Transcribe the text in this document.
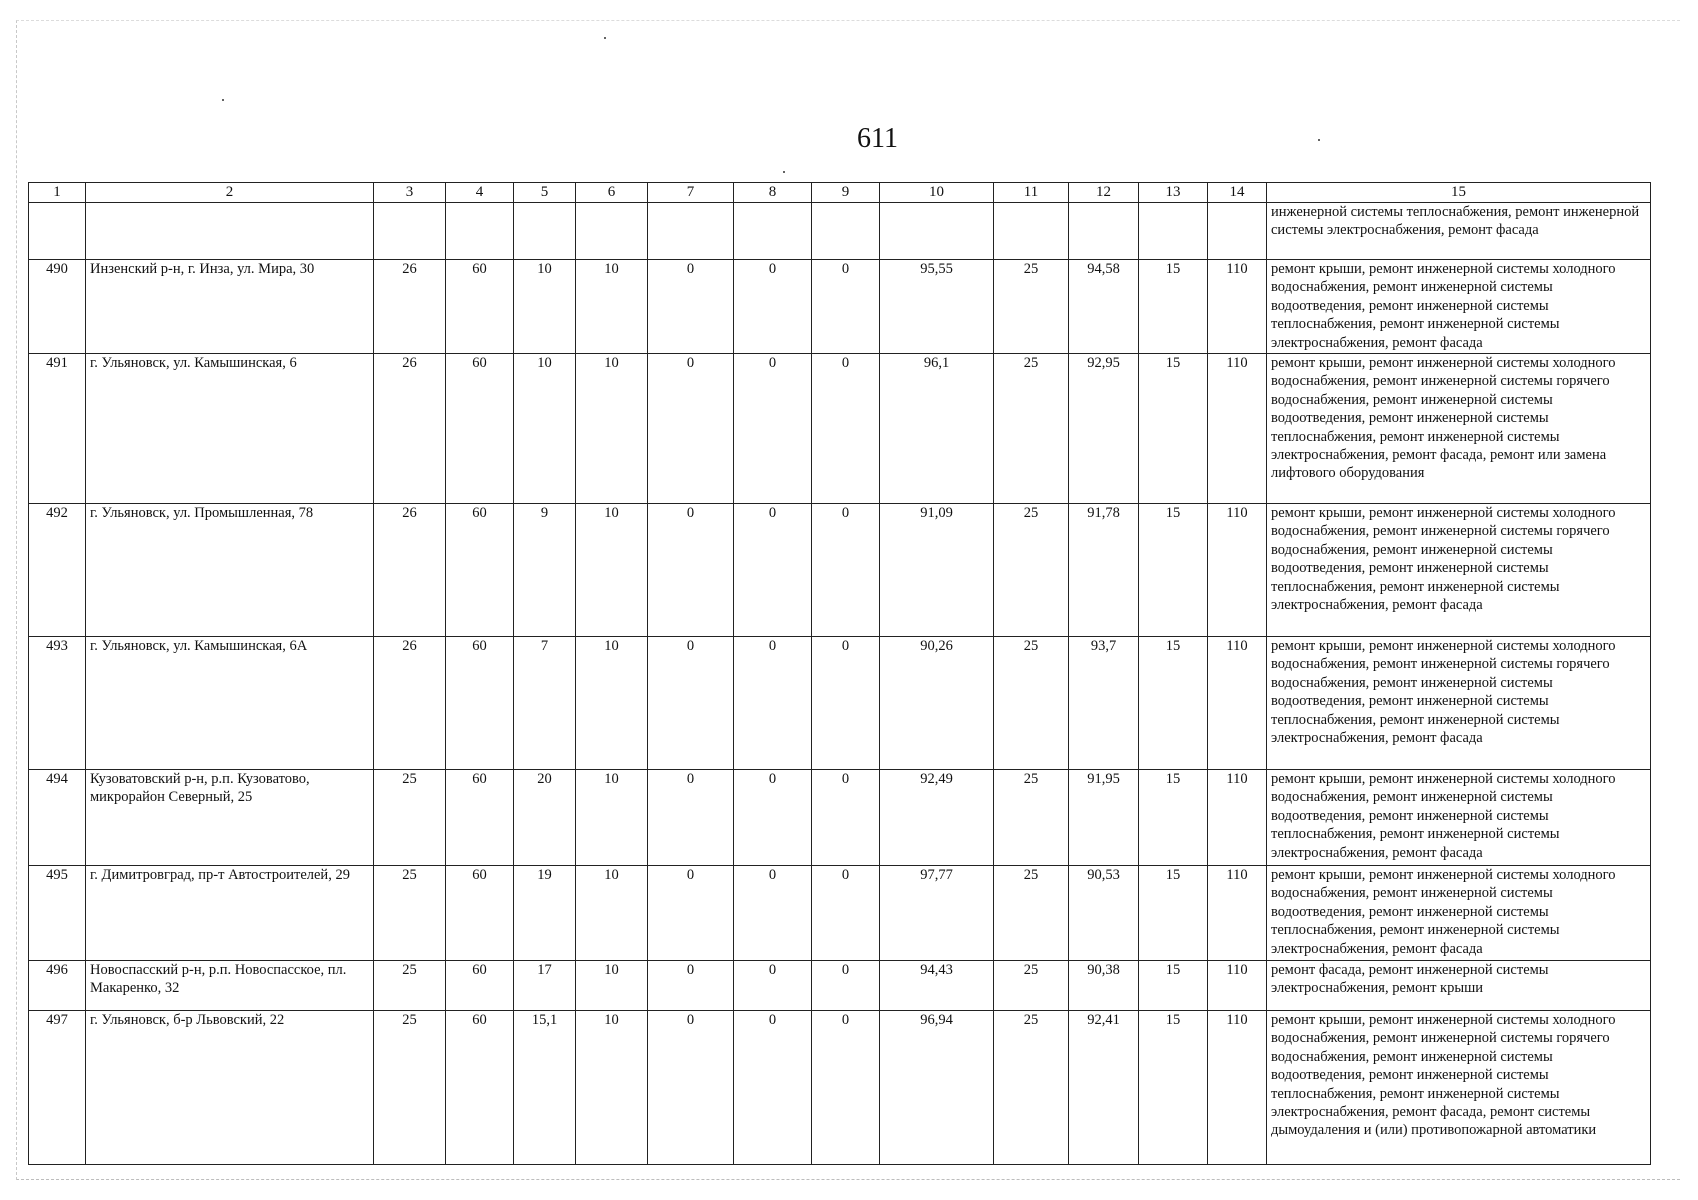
611
1	2	3	4	5	6	7	8	9	10	11	12	13	14	15
														инженерной системы теплоснабжения, ремонт инженерной системы электроснабжения, ремонт фасада
490	Инзенский р-н, г. Инза, ул. Мира, 30	26	60	10	10	0	0	0	95,55	25	94,58	15	110	ремонт крыши, ремонт инженерной системы холодного водоснабжения, ремонт инженерной системы водоотведения, ремонт инженерной системы теплоснабжения, ремонт инженерной системы электроснабжения, ремонт фасада
491	г. Ульяновск, ул. Камышинская, 6	26	60	10	10	0	0	0	96,1	25	92,95	15	110	ремонт крыши, ремонт инженерной системы холодного водоснабжения, ремонт инженерной системы горячего водоснабжения, ремонт инженерной системы водоотведения, ремонт инженерной системы теплоснабжения, ремонт инженерной системы электроснабжения, ремонт фасада, ремонт или замена лифтового оборудования
492	г. Ульяновск, ул. Промышленная, 78	26	60	9	10	0	0	0	91,09	25	91,78	15	110	ремонт крыши, ремонт инженерной системы холодного водоснабжения, ремонт инженерной системы горячего водоснабжения, ремонт инженерной системы водоотведения, ремонт инженерной системы теплоснабжения, ремонт инженерной системы электроснабжения, ремонт фасада
493	г. Ульяновск, ул. Камышинская, 6А	26	60	7	10	0	0	0	90,26	25	93,7	15	110	ремонт крыши, ремонт инженерной системы холодного водоснабжения, ремонт инженерной системы горячего водоснабжения, ремонт инженерной системы водоотведения, ремонт инженерной системы теплоснабжения, ремонт инженерной системы электроснабжения, ремонт фасада
494	Кузоватовский р-н, р.п. Кузоватово, микрорайон Северный, 25	25	60	20	10	0	0	0	92,49	25	91,95	15	110	ремонт крыши, ремонт инженерной системы холодного водоснабжения, ремонт инженерной системы водоотведения, ремонт инженерной системы теплоснабжения, ремонт инженерной системы электроснабжения, ремонт фасада
495	г. Димитровград, пр-т Автостроителей, 29	25	60	19	10	0	0	0	97,77	25	90,53	15	110	ремонт крыши, ремонт инженерной системы холодного водоснабжения, ремонт инженерной системы водоотведения, ремонт инженерной системы теплоснабжения, ремонт инженерной системы электроснабжения, ремонт фасада
496	Новоспасский р-н, р.п. Новоспасское, пл. Макаренко, 32	25	60	17	10	0	0	0	94,43	25	90,38	15	110	ремонт фасада, ремонт инженерной системы электроснабжения, ремонт крыши
497	г. Ульяновск, б-р Львовский, 22	25	60	15,1	10	0	0	0	96,94	25	92,41	15	110	ремонт крыши, ремонт инженерной системы холодного водоснабжения, ремонт инженерной системы горячего водоснабжения, ремонт инженерной системы водоотведения, ремонт инженерной системы теплоснабжения, ремонт инженерной системы электроснабжения, ремонт фасада, ремонт системы дымоудаления и (или) противопожарной автоматики
